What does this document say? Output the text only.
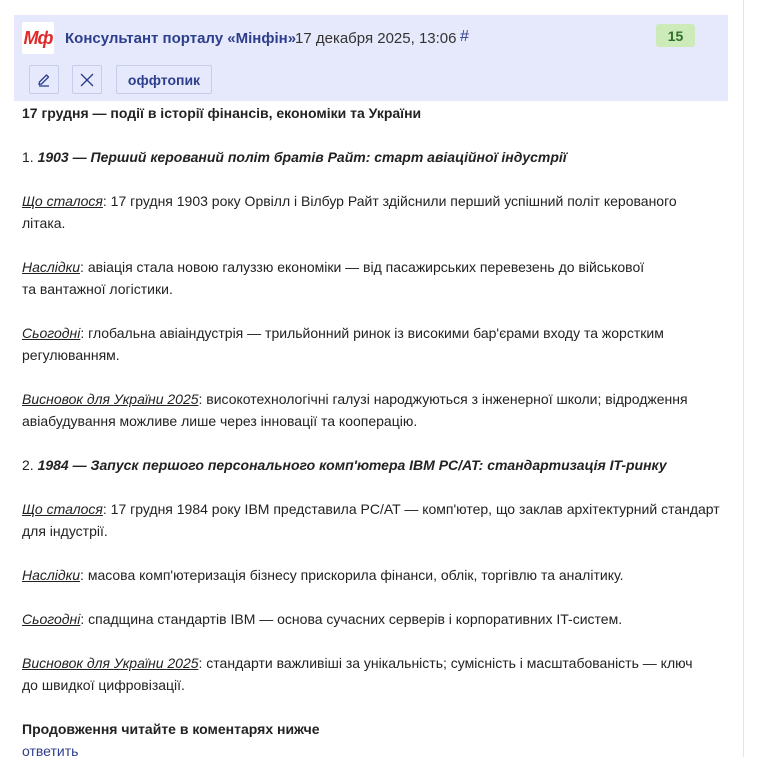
Мф Консультант порталу «Мінфін»
17 декабря 2025, 13:06 #	15
оффтопик

17 грудня — події в історії фінансів, економіки та України

1. 1903 — Перший керований політ братів Райт: старт авіаційної індустрії

Що сталося: 17 грудня 1903 року Орвілл і Вілбур Райт здійснили перший успішний політ керованого
літака.

Наслідки: авіація стала новою галуззю економіки — від пасажирських перевезень до військової
та вантажної логістики.

Сьогодні: глобальна авіаіндустрія — трильйонний ринок із високими бар'єрами входу та жорстким
регулюванням.

Висновок для України 2025: високотехнологічні галузі народжуються з інженерної школи; відродження
авіабудування можливе лише через інновації та кооперацію.

2. 1984 — Запуск першого персонального комп'ютера IBM PC/AT: стандартизація IT-ринку

Що сталося: 17 грудня 1984 року IBM представила PC/AT — комп'ютер, що заклав архітектурний стандарт
для індустрії.

Наслідки: масова комп'ютеризація бізнесу прискорила фінанси, облік, торгівлю та аналітику.

Сьогодні: спадщина стандартів IBM — основа сучасних серверів і корпоративних IT-систем.

Висновок для України 2025: стандарти важливіші за унікальність; сумісність і масштабованість — ключ
до швидкої цифровізації.

Продовження читайте в коментарях нижче

ответить
